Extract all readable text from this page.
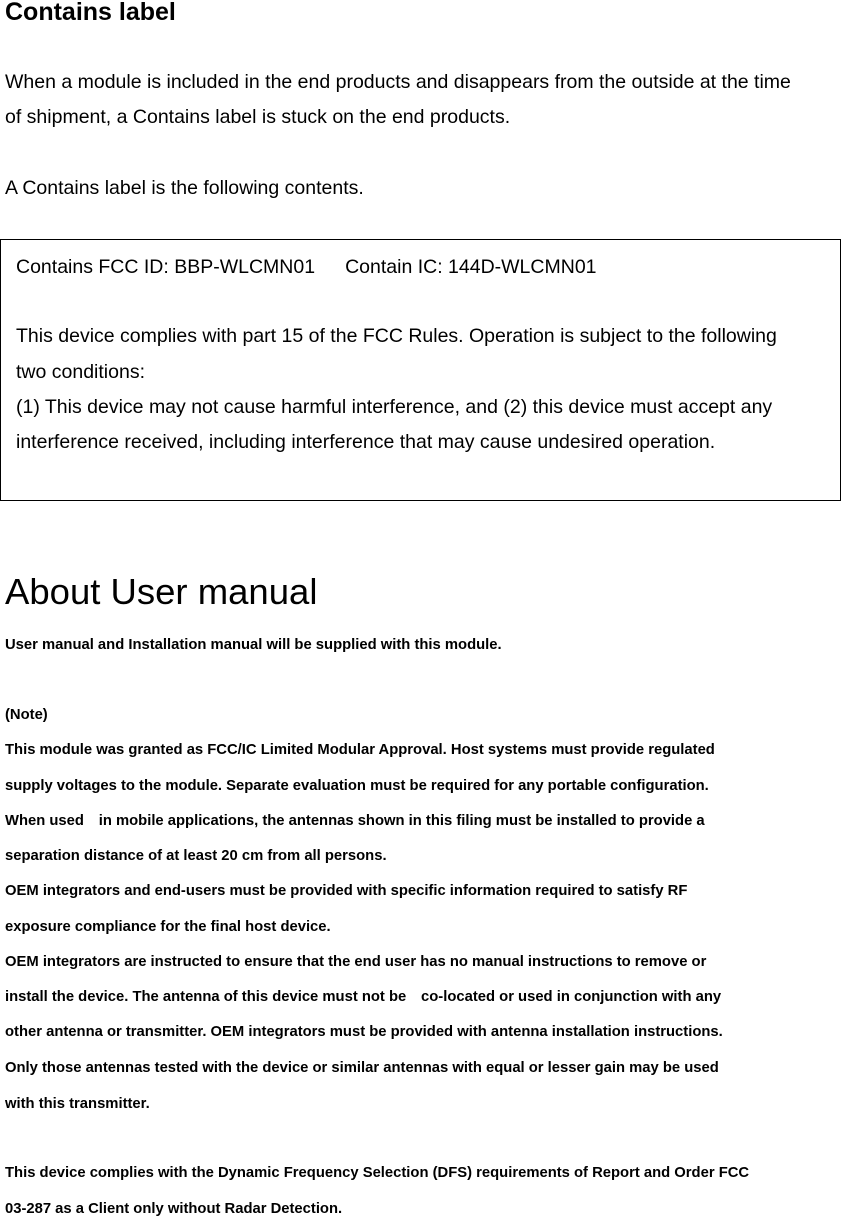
Contains label
When a module is included in the end products and disappears from the outside at the time
of shipment, a Contains label is stuck on the end products.
A Contains label is the following contents.
Contains FCC ID: BBP-WLCMN01 Contain IC: 144D-WLCMN01
This device complies with part 15 of the FCC Rules. Operation is subject to the following
two conditions:
(1) This device may not cause harmful interference, and (2) this device must accept any
interference received, including interference that may cause undesired operation.
About User manual
User manual and Installation manual will be supplied with this module.
(Note)
This module was granted as FCC/IC Limited Modular Approval. Host systems must provide regulated
supply voltages to the module. Separate evaluation must be required for any portable configuration.
When used　in mobile applications, the antennas shown in this filing must be installed to provide a
separation distance of at least 20 cm from all persons.
OEM integrators and end-users must be provided with specific information required to satisfy RF
exposure compliance for the final host device.
OEM integrators are instructed to ensure that the end user has no manual instructions to remove or
install the device. The antenna of this device must not be　co-located or used in conjunction with any
other antenna or transmitter. OEM integrators must be provided with antenna installation instructions.
Only those antennas tested with the device or similar antennas with equal or lesser gain may be used
with this transmitter.
This device complies with the Dynamic Frequency Selection (DFS) requirements of Report and Order FCC
03-287 as a Client only without Radar Detection.
